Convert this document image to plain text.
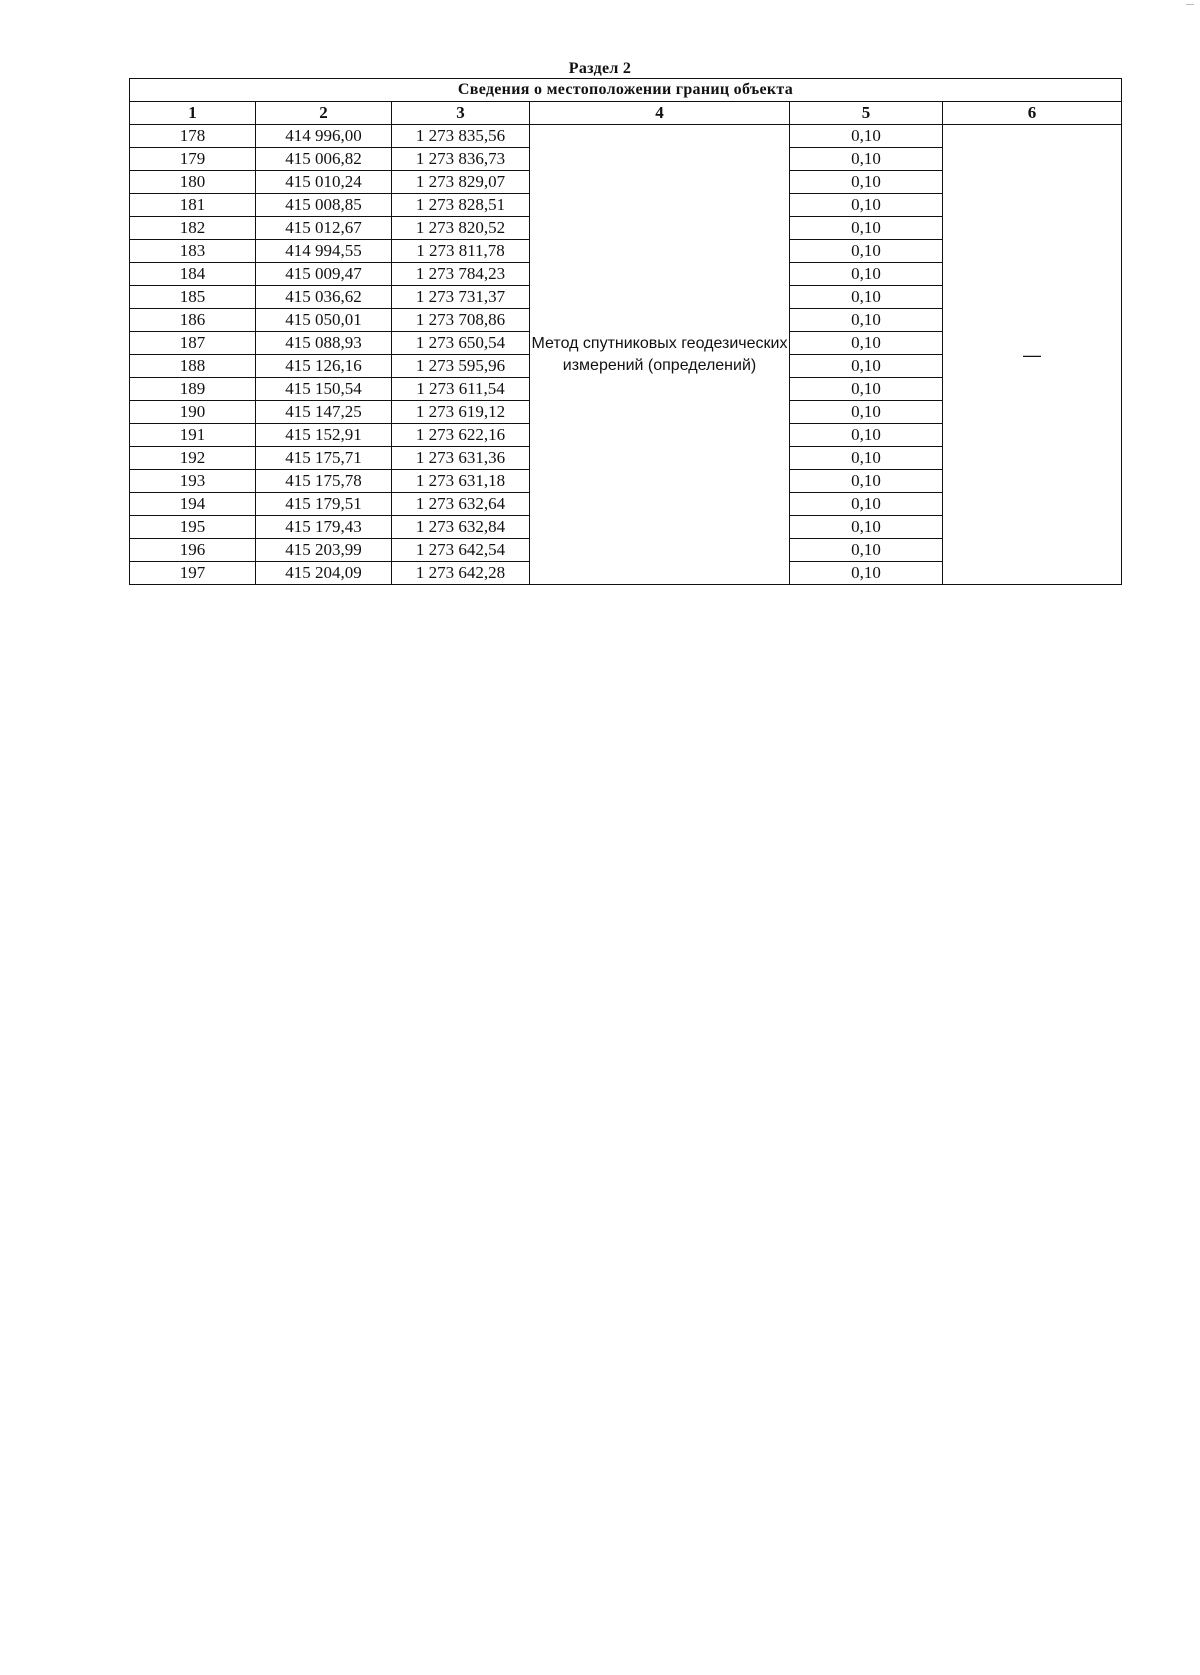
Раздел 2
Сведения о местоположении границ объекта					
1	2	3	4	5	6
178	414 996,00	1 273 835,56	Метод спутниковых геодезических измерений (определений)	0,10	—
179	415 006,82	1 273 836,73		0,10	
180	415 010,24	1 273 829,07		0,10	
181	415 008,85	1 273 828,51		0,10	
182	415 012,67	1 273 820,52		0,10	
183	414 994,55	1 273 811,78		0,10	
184	415 009,47	1 273 784,23		0,10	
185	415 036,62	1 273 731,37		0,10	
186	415 050,01	1 273 708,86		0,10	
187	415 088,93	1 273 650,54		0,10	
188	415 126,16	1 273 595,96		0,10	
189	415 150,54	1 273 611,54		0,10	
190	415 147,25	1 273 619,12		0,10	
191	415 152,91	1 273 622,16		0,10	
192	415 175,71	1 273 631,36		0,10	
193	415 175,78	1 273 631,18		0,10	
194	415 179,51	1 273 632,64		0,10	
195	415 179,43	1 273 632,84		0,10	
196	415 203,99	1 273 642,54		0,10	
197	415 204,09	1 273 642,28		0,10	
